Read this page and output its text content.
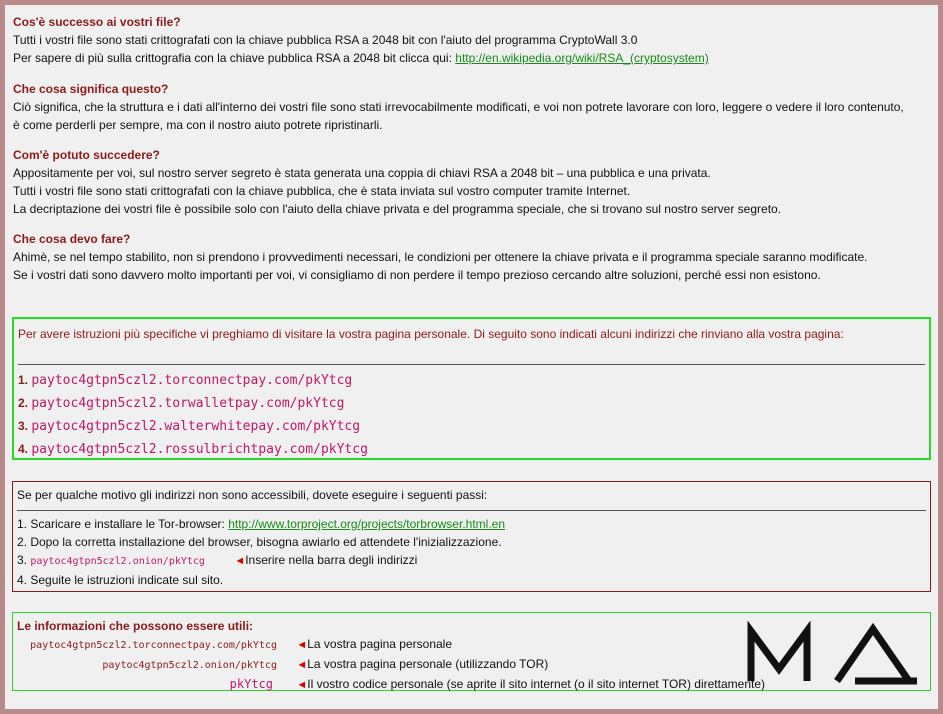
Cos'è successo ai vostri file?
Tutti i vostri file sono stati crittografati con la chiave pubblica RSA a 2048 bit con l'aiuto del programma CryptoWall 3.0
Per sapere di più sulla crittografia con la chiave pubblica RSA a 2048 bit clicca qui: http://en.wikipedia.org/wiki/RSA_(cryptosystem)
Che cosa significa questo?
Ciò significa, che la struttura e i dati all'interno dei vostri file sono stati irrevocabilmente modificati, e voi non potrete lavorare con loro, leggere o vedere il loro contenuto,
è come perderli per sempre, ma con il nostro aiuto potrete ripristinarli.
Com'è potuto succedere?
Appositamente per voi, sul nostro server segreto è stata generata una coppia di chiavi RSA a 2048 bit – una pubblica e una privata.
Tutti i vostri file sono stati crittografati con la chiave pubblica, che è stata inviata sul vostro computer tramite Internet.
La decriptazione dei vostri file è possibile solo con l'aiuto della chiave privata e del programma speciale, che si trovano sul nostro server segreto.
Che cosa devo fare?
Ahimè, se nel tempo stabilito, non si prendono i provvedimenti necessari, le condizioni per ottenere la chiave privata e il programma speciale saranno modificate.
Se i vostri dati sono davvero molto importanti per voi, vi consigliamo di non perdere il tempo prezioso cercando altre soluzioni, perché essi non esistono.
Per avere istruzioni più specifiche vi preghiamo di visitare la vostra pagina personale. Di seguito sono indicati alcuni indirizzi che rinviano alla vostra pagina:
1. paytoc4gtpn5czl2.torconnectpay.com/pkYtcg
2. paytoc4gtpn5czl2.torwalletpay.com/pkYtcg
3. paytoc4gtpn5czl2.walterwhitepay.com/pkYtcg
4. paytoc4gtpn5czl2.rossulbrichtpay.com/pkYtcg
Se per qualche motivo gli indirizzi non sono accessibili, dovete eseguire i seguenti passi:
1. Scaricare e installare le Tor-browser: http://www.torproject.org/projects/torbrowser.html.en
2. Dopo la corretta installazione del browser, bisogna awiarlo ed attendete l'inizializzazione.
3. paytoc4gtpn5czl2.onion/pkYtcg	◄Inserire nella barra degli indirizzi
4. Seguite le istruzioni indicate sul sito.
Le informazioni che possono essere utili:
paytoc4gtpn5czl2.torconnectpay.com/pkYtcg ◄La vostra pagina personale
paytoc4gtpn5czl2.onion/pkYtcg ◄La vostra pagina personale (utilizzando TOR)
pkYtcg ◄Il vostro codice personale (se aprite il sito internet (o il sito internet TOR) direttamente)
